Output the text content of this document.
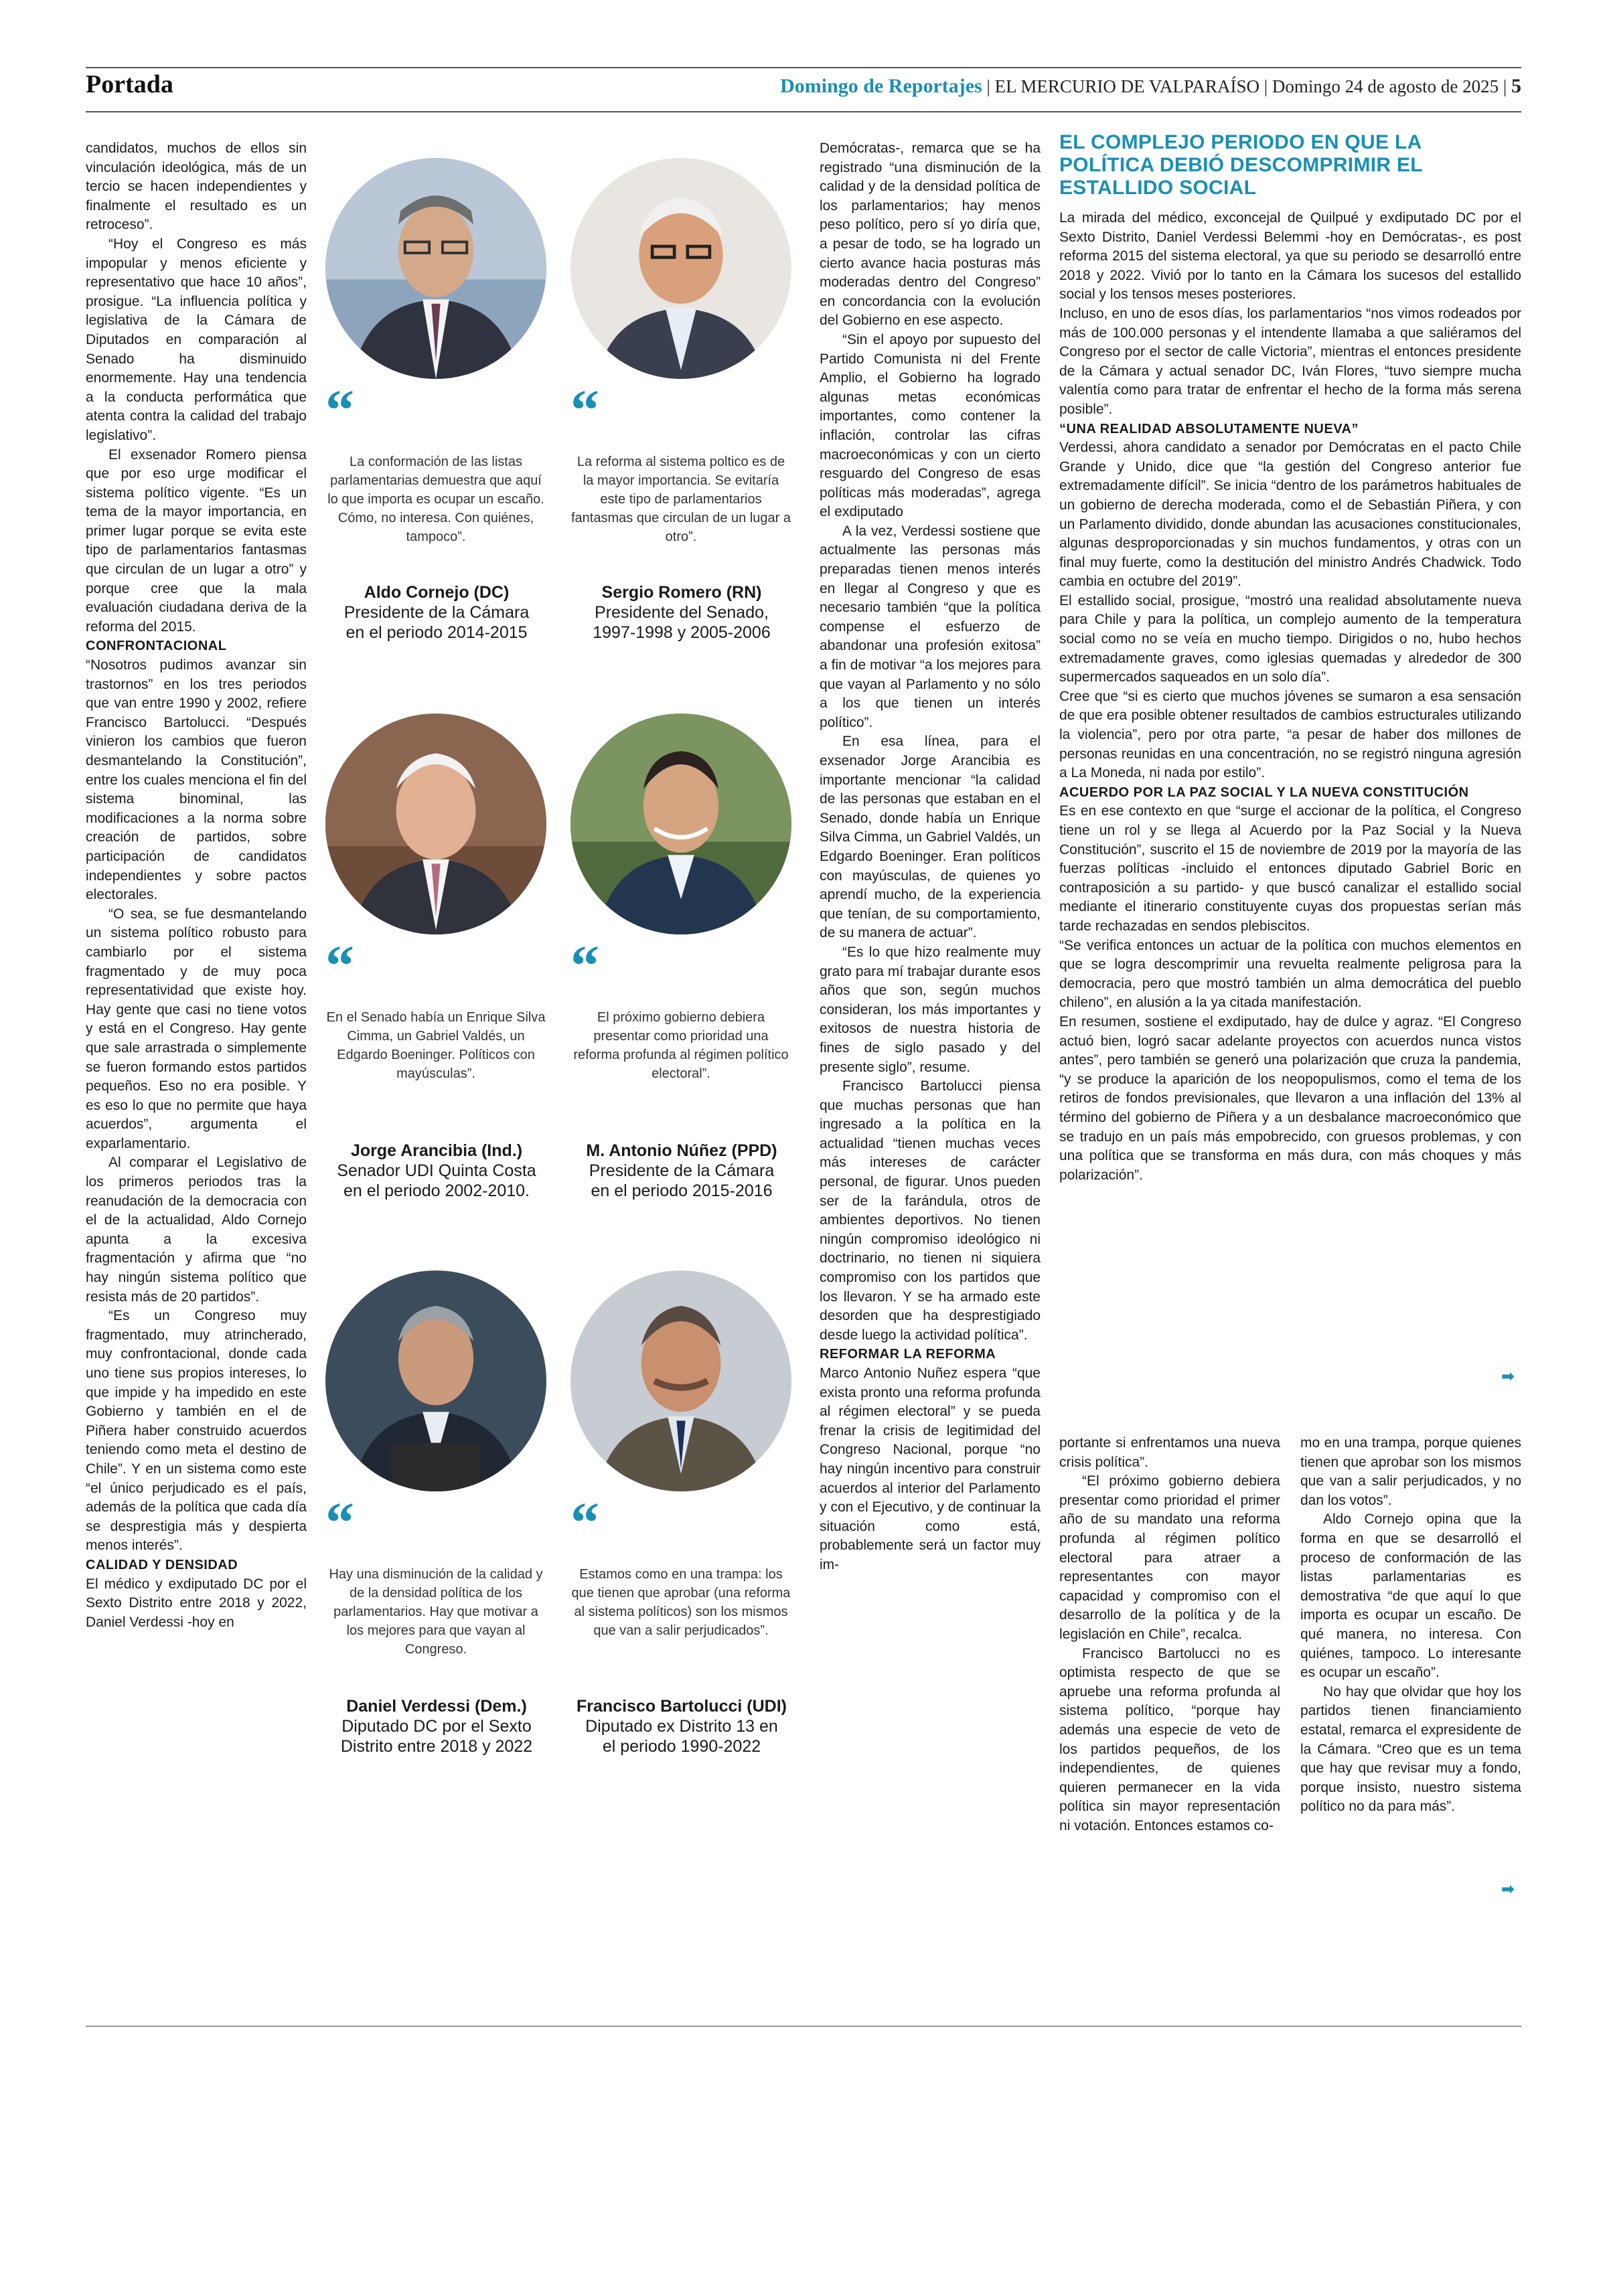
Portada	Domingo de Reportajes | EL MERCURIO DE VALPARAÍSO | Domingo 24 de agosto de 2025 | 5

candidatos, muchos de ellos sin vinculación ideológica, más de un tercio se hacen independientes y finalmente el resultado es un retroceso”.

“Hoy el Congreso es más impopular y menos eficiente y representativo que hace 10 años”, prosigue. “La influencia política y legislativa de la Cámara de Diputados en comparación al Senado ha disminuido enormemente. Hay una tendencia a la conducta performática que atenta contra la calidad del trabajo legislativo”.

El exsenador Romero piensa que por eso urge modificar el sistema político vigente. “Es un tema de la mayor importancia, en primer lugar porque se evita este tipo de parlamentarios fantasmas que circulan de un lugar a otro” y porque cree que la mala evaluación ciudadana deriva de la reforma del 2015.

CONFRONTACIONAL

“Nosotros pudimos avanzar sin trastornos” en los tres periodos que van entre 1990 y 2002, refiere Francisco Bartolucci. “Después vinieron los cambios que fueron desmantelando la Constitución”, entre los cuales menciona el fin del sistema binominal, las modificaciones a la norma sobre creación de partidos, sobre participación de candidatos independientes y sobre pactos electorales.

“O sea, se fue desmantelando un sistema político robusto para cambiarlo por el sistema fragmentado y de muy poca representatividad que existe hoy. Hay gente que casi no tiene votos y está en el Congreso. Hay gente que sale arrastrada o simplemente se fueron formando estos partidos pequeños. Eso no era posible. Y es eso lo que no permite que haya acuerdos”, argumenta el exparlamentario.

Al comparar el Legislativo de los primeros periodos tras la reanudación de la democracia con el de la actualidad, Aldo Cornejo apunta a la excesiva fragmentación y afirma que “no hay ningún sistema político que resista más de 20 partidos”.

“Es un Congreso muy fragmentado, muy atrincherado, muy confrontacional, donde cada uno tiene sus propios intereses, lo que impide y ha impedido en este Gobierno y también en el de Piñera haber construido acuerdos teniendo como meta el destino de Chile”. Y en un sistema como este “el único perjudicado es el país, además de la política que cada día se desprestigia más y despierta menos interés”.

CALIDAD Y DENSIDAD

El médico y exdiputado DC por el Sexto Distrito entre 2018 y 2022, Daniel Verdessi -hoy en

“
La conformación de las listas parlamentarias demuestra que aquí lo que importa es ocupar un escaño. Cómo, no interesa. Con quiénes, tampoco”.
Aldo Cornejo (DC)
Presidente de la Cámara
en el periodo 2014-2015
“
La reforma al sistema poltico es de la mayor importancia. Se evitaría este tipo de parlamentarios fantasmas que circulan de un lugar a otro”.
Sergio Romero (RN)
Presidente del Senado,
1997-1998 y 2005-2006
“
En el Senado había un Enrique Silva Cimma, un Gabriel Valdés, un Edgardo Boeninger. Políticos con mayúsculas”.
Jorge Arancibia (Ind.)
Senador UDI Quinta Costa
en el periodo 2002-2010.
“
El próximo gobierno debiera presentar como prioridad una reforma profunda al régimen político electoral”.
M. Antonio Núñez (PPD)
Presidente de la Cámara
en el periodo 2015-2016
“
Hay una disminución de la calidad y de la densidad política de los parlamentarios. Hay que motivar a los mejores para que vayan al Congreso.
Daniel Verdessi (Dem.)
Diputado DC por el Sexto
Distrito entre 2018 y 2022
“
Estamos como en una trampa: los que tienen que aprobar (una reforma al sistema políticos) son los mismos que van a salir perjudicados”.
Francisco Bartolucci (UDI)
Diputado ex Distrito 13 en
el periodo 1990-2022

Demócratas-, remarca que se ha registrado “una disminución de la calidad y de la densidad política de los parlamentarios; hay menos peso político, pero sí yo diría que, a pesar de todo, se ha logrado un cierto avance hacia posturas más moderadas dentro del Congreso” en concordancia con la evolución del Gobierno en ese aspecto.

“Sin el apoyo por supuesto del Partido Comunista ni del Frente Amplio, el Gobierno ha logrado algunas metas económicas importantes, como contener la inflación, controlar las cifras macroeconómicas y con un cierto resguardo del Congreso de esas políticas más moderadas”, agrega el exdiputado

A la vez, Verdessi sostiene que actualmente las personas más preparadas tienen menos interés en llegar al Congreso y que es necesario también “que la política compense el esfuerzo de abandonar una profesión exitosa” a fin de motivar “a los mejores para que vayan al Parlamento y no sólo a los que tienen un interés político”.

En esa línea, para el exsenador Jorge Arancibia es importante mencionar “la calidad de las personas que estaban en el Senado, donde había un Enrique Silva Cimma, un Gabriel Valdés, un Edgardo Boeninger. Eran políticos con mayúsculas, de quienes yo aprendí mucho, de la experiencia que tenían, de su comportamiento, de su manera de actuar”.

“Es lo que hizo realmente muy grato para mí trabajar durante esos años que son, según muchos consideran, los más importantes y exitosos de nuestra historia de fines de siglo pasado y del presente siglo”, resume.

Francisco Bartolucci piensa que muchas personas que han ingresado a la política en la actualidad “tienen muchas veces más intereses de carácter personal, de figurar. Unos pueden ser de la farándula, otros de ambientes deportivos. No tienen ningún compromiso ideológico ni doctrinario, no tienen ni siquiera compromiso con los partidos que los llevaron. Y se ha armado este desorden que ha desprestigiado desde luego la actividad política”.

REFORMAR LA REFORMA

Marco Antonio Nuñez espera “que exista pronto una reforma profunda al régimen electoral” y se pueda frenar la crisis de legitimidad del Congreso Nacional, porque “no hay ningún incentivo para construir acuerdos al interior del Parlamento y con el Ejecutivo, y de continuar la situación como está, probablemente será un factor muy im-

EL COMPLEJO PERIODO EN QUE LA POLÍTICA DEBIÓ DESCOMPRIMIR EL ESTALLIDO SOCIAL

La mirada del médico, exconcejal de Quilpué y exdiputado DC por el Sexto Distrito, Daniel Verdessi Belemmi -hoy en Demócratas-, es post reforma 2015 del sistema electoral, ya que su periodo se desarrolló entre 2018 y 2022. Vivió por lo tanto en la Cámara los sucesos del estallido social y los tensos meses posteriores.

Incluso, en uno de esos días, los parlamentarios “nos vimos rodeados por más de 100.000 personas y el intendente llamaba a que saliéramos del Congreso por el sector de calle Victoria”, mientras el entonces presidente de la Cámara y actual senador DC, Iván Flores, “tuvo siempre mucha valentía como para tratar de enfrentar el hecho de la forma más serena posible”.

“UNA REALIDAD ABSOLUTAMENTE NUEVA”

Verdessi, ahora candidato a senador por Demócratas en el pacto Chile Grande y Unido, dice que “la gestión del Congreso anterior fue extremadamente difícil”. Se inicia “dentro de los parámetros habituales de un gobierno de derecha moderada, como el de Sebastián Piñera, y con un Parlamento dividido, donde abundan las acusaciones constitucionales, algunas desproporcionadas y sin muchos fundamentos, y otras con un final muy fuerte, como la destitución del ministro Andrés Chadwick. Todo cambia en octubre del 2019”.

El estallido social, prosigue, “mostró una realidad absolutamente nueva para Chile y para la política, un complejo aumento de la temperatura social como no se veía en mucho tiempo. Dirigidos o no, hubo hechos extremadamente graves, como iglesias quemadas y alrededor de 300 supermercados saqueados en un solo día”.

Cree que “si es cierto que muchos jóvenes se sumaron a esa sensación de que era posible obtener resultados de cambios estructurales utilizando la violencia”, pero por otra parte, “a pesar de haber dos millones de personas reunidas en una concentración, no se registró ninguna agresión a La Moneda, ni nada por estilo”.

ACUERDO POR LA PAZ SOCIAL Y LA NUEVA CONSTITUCIÓN

Es en ese contexto en que “surge el accionar de la política, el Congreso tiene un rol y se llega al Acuerdo por la Paz Social y la Nueva Constitución”, suscrito el 15 de noviembre de 2019 por la mayoría de las fuerzas políticas -incluido el entonces diputado Gabriel Boric en contraposición a su partido- y que buscó canalizar el estallido social mediante el itinerario constituyente cuyas dos propuestas serían más tarde rechazadas en sendos plebiscitos.

“Se verifica entonces un actuar de la política con muchos elementos en que se logra descomprimir una revuelta realmente peligrosa para la democracia, pero que mostró también un alma democrática del pueblo chileno”, en alusión a la ya citada manifestación.

En resumen, sostiene el exdiputado, hay de dulce y agraz. “El Congreso actuó bien, logró sacar adelante proyectos con acuerdos nunca vistos antes”, pero también se generó una polarización que cruza la pandemia, “y se produce la aparición de los neopopulismos, como el tema de los retiros de fondos previsionales, que llevaron a una inflación del 13% al término del gobierno de Piñera y a un desbalance macroeconómico que se tradujo en un país más empobrecido, con gruesos problemas, y con una política que se transforma en más dura, con más choques y más polarización”.

➡

portante si enfrentamos una nueva crisis política”.

“El próximo gobierno debiera presentar como prioridad el primer año de su mandato una reforma profunda al régimen político electoral para atraer a representantes con mayor capacidad y compromiso con el desarrollo de la política y de la legislación en Chile”, recalca.

Francisco Bartolucci no es optimista respecto de que se apruebe una reforma profunda al sistema político, “porque hay además una especie de veto de los partidos pequeños, de los independientes, de quienes quieren permanecer en la vida política sin mayor representación ni votación. Entonces estamos co-

mo en una trampa, porque quienes tienen que aprobar son los mismos que van a salir perjudicados, y no dan los votos”.

Aldo Cornejo opina que la forma en que se desarrolló el proceso de conformación de las listas parlamentarias es demostrativa “de que aquí lo que importa es ocupar un escaño. De qué manera, no interesa. Con quiénes, tampoco. Lo interesante es ocupar un escaño”.

No hay que olvidar que hoy los partidos tienen financiamiento estatal, remarca el expresidente de la Cámara. “Creo que es un tema que hay que revisar muy a fondo, porque insisto, nuestro sistema político no da para más”.

➡
